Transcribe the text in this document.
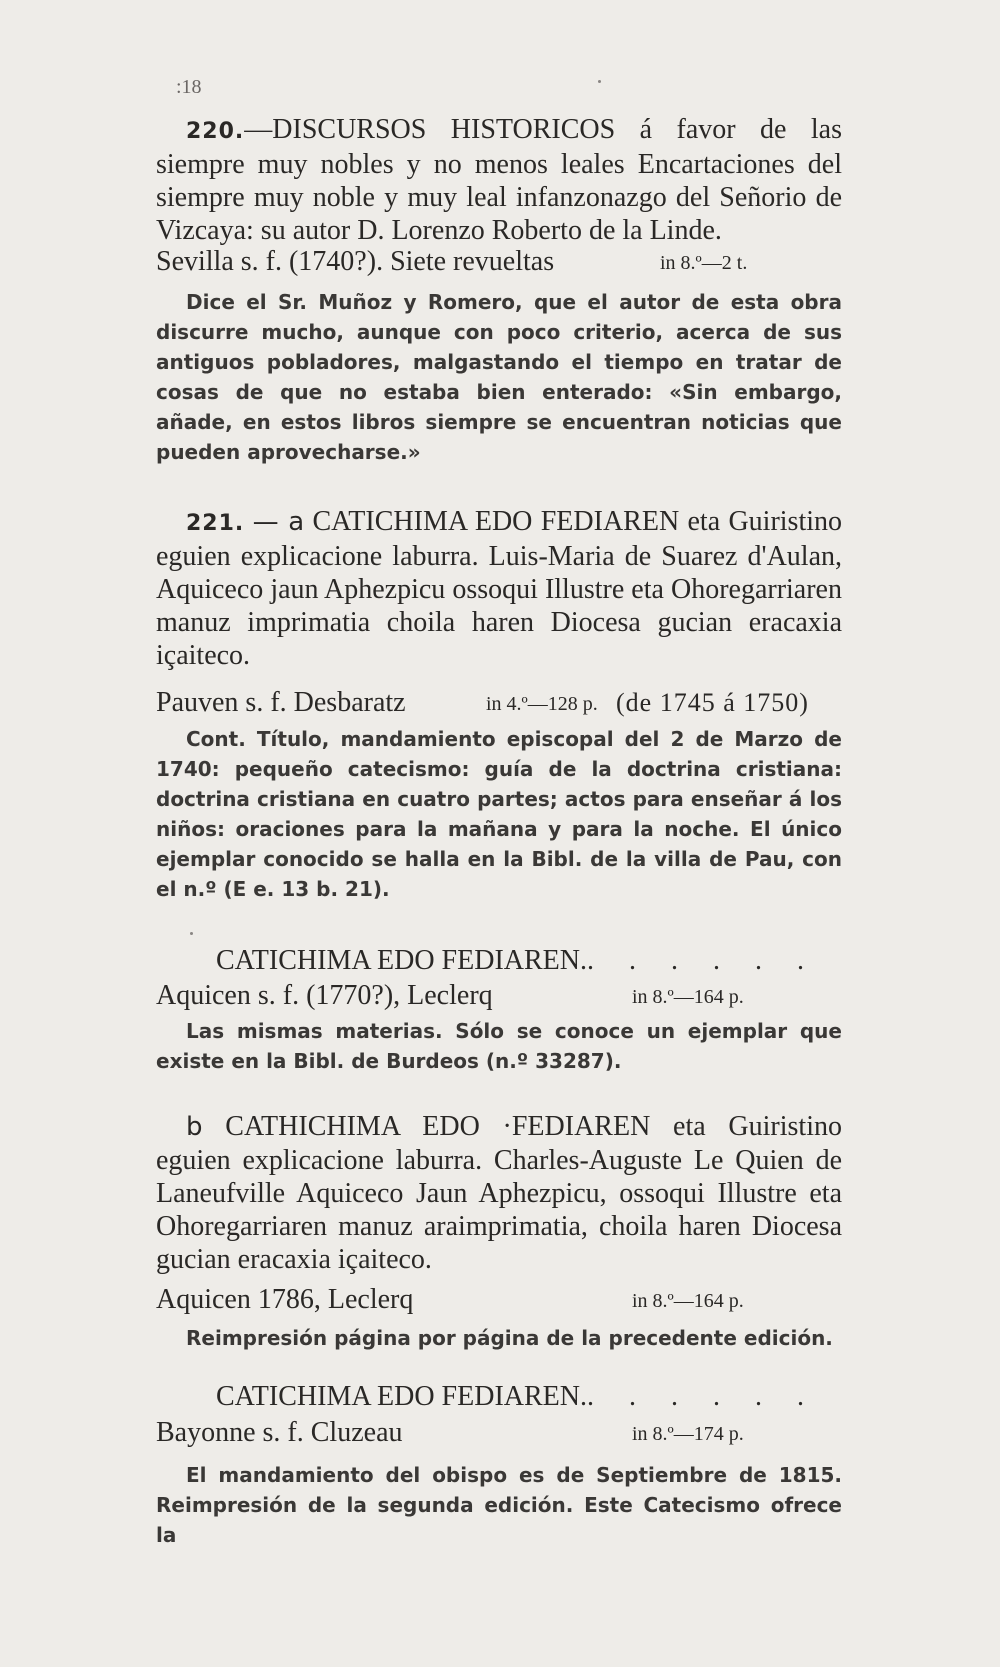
:18
220.—DISCURSOS HISTORICOS á favor de las siempre muy nobles y no menos leales Encartaciones del siempre muy noble y muy leal infanzonazgo del Señorio de Vizcaya: su autor D. Lorenzo Roberto de la Linde.
Sevilla s. f. (1740?). Siete revueltas	in 8.º—2 t.
Dice el Sr. Muñoz y Romero, que el autor de esta obra discurre mucho, aunque con poco criterio, acerca de sus antiguos pobladores, malgastando el tiempo en tratar de cosas de que no estaba bien enterado: «Sin embargo, añade, en estos libros siempre se encuentran noticias que pueden aprovecharse.»
221. — a CATICHIMA EDO FEDIAREN eta Guiristino eguien explicacione laburra. Luis-Maria de Suarez d'Aulan, Aquiceco jaun Aphezpicu ossoqui Illustre eta Ohoregarriaren manuz imprimatia choila haren Diocesa gucian eracaxia içaiteco.
Pauven s. f. Desbaratz	in 4.º—128 p. (de 1745 á 1750)
Cont. Título, mandamiento episcopal del 2 de Marzo de 1740: pequeño catecismo: guía de la doctrina cristiana: doctrina cristiana en cuatro partes; actos para enseñar á los niños: oraciones para la mañana y para la noche. El único ejemplar conocido se halla en la Bibl. de la villa de Pau, con el n.º (E e. 13 b. 21).
CATICHIMA EDO FEDIAREN.. . . . . .
Aquicen s. f. (1770?), Leclerq	in 8.º—164 p.
Las mismas materias. Sólo se conoce un ejemplar que existe en la Bibl. de Burdeos (n.º 33287).
b CATHICHIMA EDO ·FEDIAREN eta Guiristino eguien explicacione laburra. Charles-Auguste Le Quien de Laneufville Aquiceco Jaun Aphezpicu, ossoqui Illustre eta Ohoregarriaren manuz araimprimatia, choila haren Diocesa gucian eracaxia içaiteco.
Aquicen 1786, Leclerq	in 8.º—164 p.
Reimpresión página por página de la precedente edición.
CATICHIMA EDO FEDIAREN.. . . . . .
Bayonne s. f. Cluzeau	in 8.º—174 p.
El mandamiento del obispo es de Septiembre de 1815. Reimpresión de la segunda edición. Este Catecismo ofrece la
